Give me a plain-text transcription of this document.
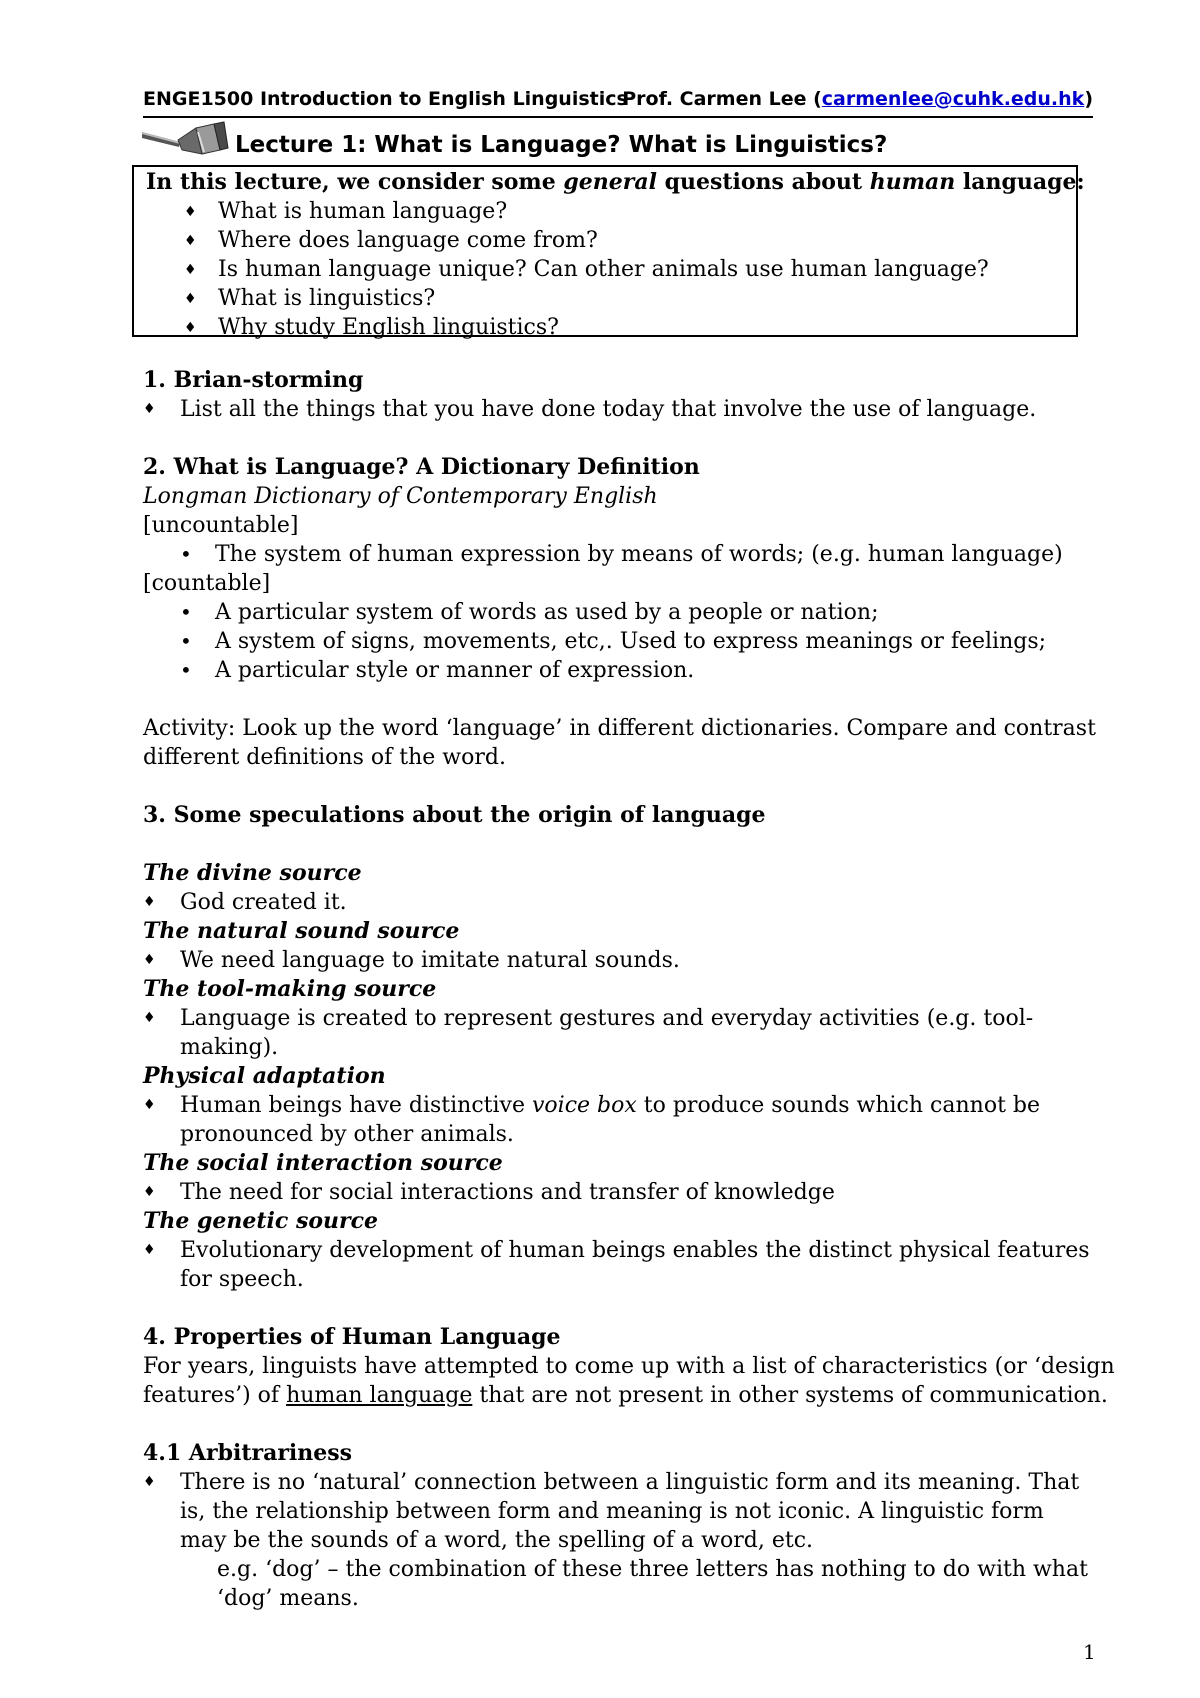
ENGE1500 Introduction to English Linguistics
Prof. Carmen Lee (carmenlee@cuhk.edu.hk)
Lecture 1: What is Language? What is Linguistics?
In this lecture, we consider some general questions about human language:
♦ What is human language?
♦ Where does language come from?
♦ Is human language unique? Can other animals use human language?
♦ What is linguistics?
♦ Why study English linguistics?

1. Brian-storming

♦ List all the things that you have done today that involve the use of language.

2. What is Language? A Dictionary Definition

Longman Dictionary of Contemporary English

[uncountable]

• The system of human expression by means of words; (e.g. human language)

[countable]

• A particular system of words as used by a people or nation;

• A system of signs, movements, etc,. Used to express meanings or feelings;

• A particular style or manner of expression.

Activity: Look up the word ‘language’ in different dictionaries. Compare and contrast

different definitions of the word.

3. Some speculations about the origin of language

The divine source

♦ God created it.

The natural sound source

♦ We need language to imitate natural sounds.

The tool-making source

♦ Language is created to represent gestures and everyday activities (e.g. tool-making).

Physical adaptation

♦ Human beings have distinctive voice box to produce sounds which cannot be pronounced by other animals.

The social interaction source

♦ The need for social interactions and transfer of knowledge

The genetic source

♦ Evolutionary development of human beings enables the distinct physical features for speech.

4. Properties of Human Language

For years, linguists have attempted to come up with a list of characteristics (or ‘design

features’) of human language that are not present in other systems of communication.

4.1 Arbitrariness

♦ There is no ‘natural’ connection between a linguistic form and its meaning. That is, the relationship between form and meaning is not iconic. A linguistic form may be the sounds of a word, the spelling of a word, etc.

e.g. ‘dog’ – the combination of these three letters has nothing to do with what ‘dog’ means.

1
